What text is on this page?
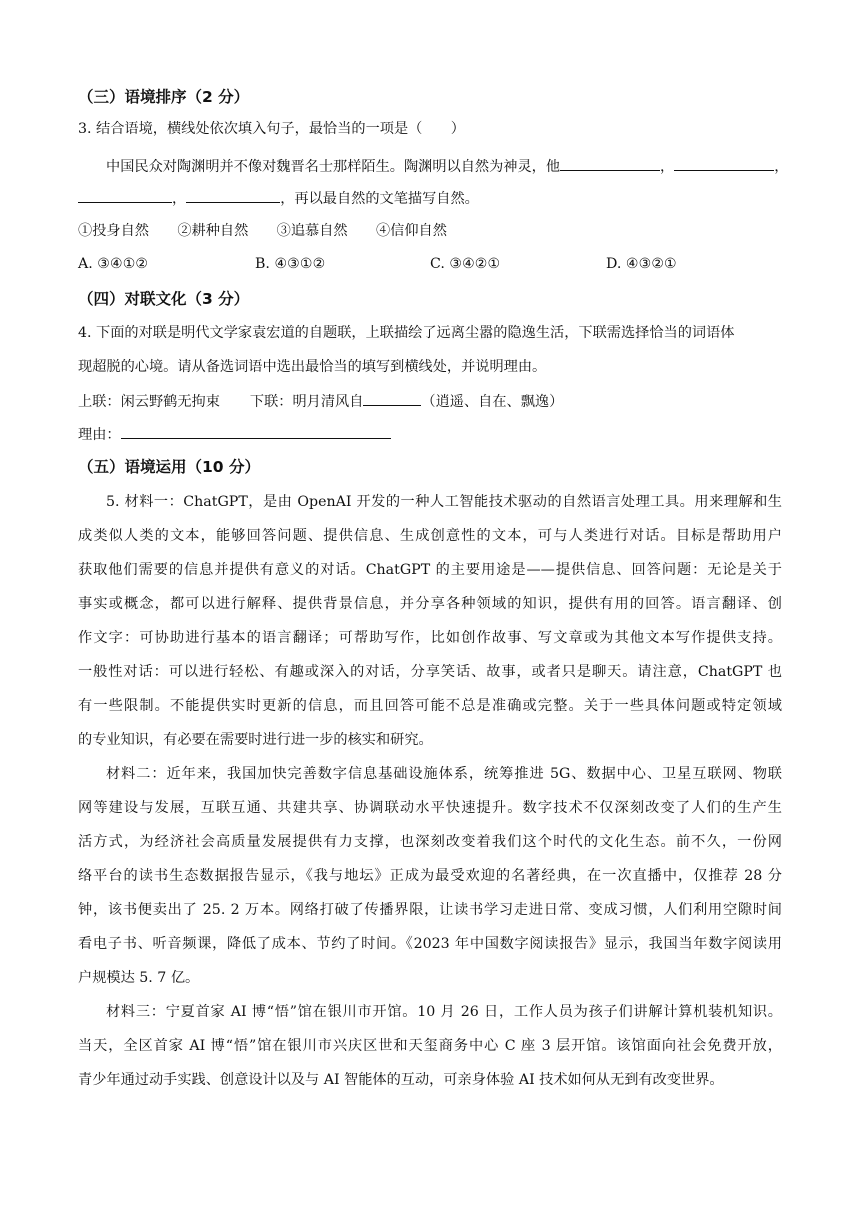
（三）语境排序（2 分）
3. 结合语境，横线处依次填入句子，最恰当的一项是（　　）
中国民众对陶渊明并不像对魏晋名士那样陌生。陶渊明以自然为神灵，他	，	，
，	，再以最自然的文笔描写自然。
①投身自然　　②耕种自然　　③追慕自然　　④信仰自然
A. ③④①②	B. ④③①②	C. ③④②①	D. ④③②①
（四）对联文化（3 分）
4. 下面的对联是明代文学家袁宏道的自题联，上联描绘了远离尘嚣的隐逸生活，下联需选择恰当的词语体
现超脱的心境。请从备选词语中选出最恰当的填写到横线处，并说明理由。
上联：闲云野鹤无拘束 下联：明月清风自	（逍遥、自在、飘逸）
理由：
（五）语境运用（10 分）
5. 材料一：ChatGPT，是由 OpenAI 开发的一种人工智能技术驱动的自然语言处理工具。用来理解和生
成类似人类的文本，能够回答问题、提供信息、生成创意性的文本，可与人类进行对话。目标是帮助用户
获取他们需要的信息并提供有意义的对话。ChatGPT 的主要用途是——提供信息、回答问题：无论是关于
事实或概念，都可以进行解释、提供背景信息，并分享各种领域的知识，提供有用的回答。语言翻译、创
作文字：可协助进行基本的语言翻译；可帮助写作，比如创作故事、写文章或为其他文本写作提供支持。
一般性对话：可以进行轻松、有趣或深入的对话，分享笑话、故事，或者只是聊天。请注意，ChatGPT 也
有一些限制。不能提供实时更新的信息，而且回答可能不总是准确或完整。关于一些具体问题或特定领域
的专业知识，有必要在需要时进行进一步的核实和研究。
材料二：近年来，我国加快完善数字信息基础设施体系，统筹推进 5G、数据中心、卫星互联网、物联
网等建设与发展，互联互通、共建共享、协调联动水平快速提升。数字技术不仅深刻改变了人们的生产生
活方式，为经济社会高质量发展提供有力支撑，也深刻改变着我们这个时代的文化生态。前不久，一份网
络平台的读书生态数据报告显示，《我与地坛》正成为最受欢迎的名著经典，在一次直播中，仅推荐 28 分
钟，该书便卖出了 25. 2 万本。网络打破了传播界限，让读书学习走进日常、变成习惯，人们利用空隙时间
看电子书、听音频课，降低了成本、节约了时间。《2023 年中国数字阅读报告》显示，我国当年数字阅读用
户规模达 5. 7 亿。
材料三：宁夏首家 AI 博“悟”馆在银川市开馆。10 月 26 日，工作人员为孩子们讲解计算机装机知识。
当天，全区首家 AI 博“悟”馆在银川市兴庆区世和天玺商务中心 C 座 3 层开馆。该馆面向社会免费开放，
青少年通过动手实践、创意设计以及与 AI 智能体的互动，可亲身体验 AI 技术如何从无到有改变世界。
